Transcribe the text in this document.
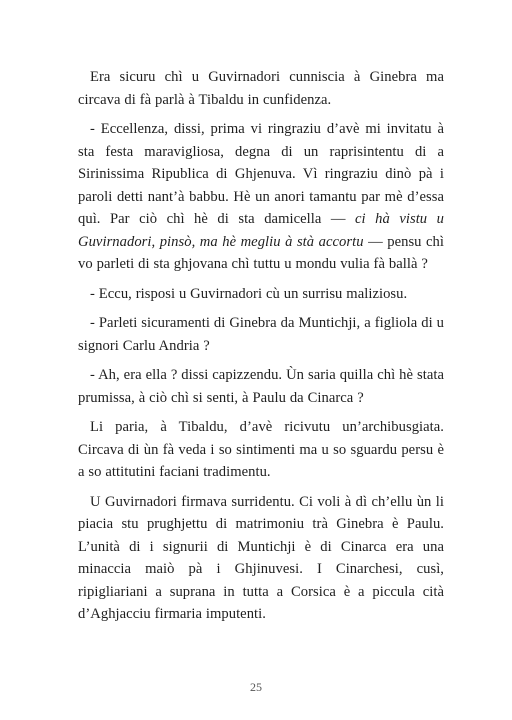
Era sicuru chì u Guvirnadori cunniscia à Ginebra ma circava di fà parlà à Tibaldu in cunfidenza.

- Eccellenza, dissi, prima vi ringraziu d’avè mi invitatu à sta festa maravigliosa, degna di un raprisintentu di a Sirinissima Ripublica di Ghjenuva. Vì ringraziu dinò pà i paroli detti nant’à babbu. Hè un anori tamantu par mè d’essa quì. Par ciò chì hè di sta damicella — ci hà vistu u Guvirnadori, pinsò, ma hè megliu à stà accortu — pensu chì vo parleti di sta ghjovana chì tuttu u mondu vulia fà ballà ?

- Eccu, risposi u Guvirnadori cù un surrisu maliziosu.

- Parleti sicuramenti di Ginebra da Muntichji, a figliola di u signori Carlu Andria ?

- Ah, era ella ? dissi capizzendu. Ùn saria quilla chì hè stata prumissa, à ciò chì si senti, à Paulu da Cinarca ?

Li paria, à Tibaldu, d’avè ricivutu un’archibusgiata. Circava di ùn fà veda i so sintimenti ma u so sguardu persu è a so attitutini faciani tradimentu.

U Guvirnadori firmava surridentu. Ci voli à dì ch’ellu ùn li piacia stu prughjettu di matrimoniu trà Ginebra è Paulu. L’unità di i signurii di Muntichji è di Cinarca era una minaccia maiò pà i Ghjinuvesi. I Cinarchesi, cusì, ripigliariani a suprana in tutta a Corsica è a piccula cità d’Aghjacciu firmaria imputenti.

25
